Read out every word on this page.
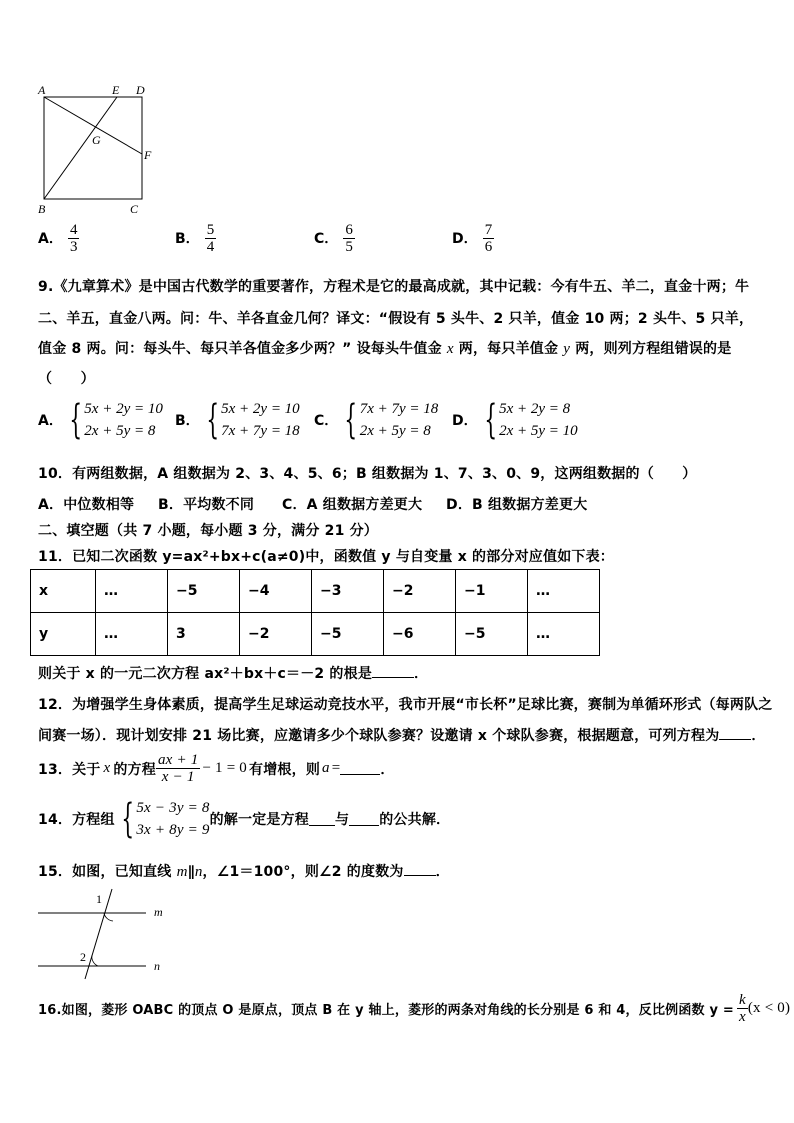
A	E D
G
F
B	C
A． $\frac{4}{3}$	B． $\frac{5}{4}$	C． $\frac{6}{5}$	D． $\frac{7}{6}$
9.《九章算术》是中国古代数学的重要著作，方程术是它的最高成就，其中记载：今有牛五、羊二，直金十两；牛
二、羊五，直金八两。问：牛、羊各直金几何？译文：“假设有 5 头牛、2 只羊，值金 10 两；2 头牛、5 只羊，
值金 8 两。问：每头牛、每只羊各值金多少两？” 设每头牛值金 x 两，每只羊值金 y 两，则列方程组错误的是
（　　）
A． { 5x + 2y = 10
2x + 5y = 8
B． { 5x + 2y = 10
7x + 7y = 18
C． { 7x + 7y = 18
2x + 5y = 8
D． { 5x + 2y = 8
2x + 5y = 10
10．有两组数据，A 组数据为 2、3、4、5、6；B 组数据为 1、7、3、0、9，这两组数据的（　　）
A．中位数相等 B．平均数不同 C．A 组数据方差更大 D．B 组数据方差更大
二、填空题（共 7 小题，每小题 3 分，满分 21 分）
11．已知二次函数 y=ax²+bx+c(a≠0)中，函数值 y 与自变量 x 的部分对应值如下表：
x	…	−5	−4	−3	−2	−1	…
y	…	3	−2	−5	−6	−5	…
则关于 x 的一元二次方程 ax²＋bx＋c＝－2 的根是	．
12．为增强学生身体素质，提高学生足球运动竞技水平，我市开展“市长杯”足球比赛，赛制为单循环形式（每两队之
间赛一场）．现计划安排 21 场比赛，应邀请多少个球队参赛？设邀请 x 个球队参赛，根据题意，可列方程为 ．
13．关于 x 的方程 $\frac{ax + 1}{x - 1} - 1 = 0$ 有增根，则 a =	．
14．方程组 { 5x − 3y = 8
3x + 8y = 9
的解一定是方程 与 的公共解．
15．如图，已知直线 m∥n，∠1＝100°，则∠2 的度数为 ．
1
2
m
n
16.如图，菱形 OABC 的顶点 O 是原点，顶点 B 在 y 轴上，菱形的两条对角线的长分别是 6 和 4，反比例函数 $y = \frac{k}{x} (x < 0)$
